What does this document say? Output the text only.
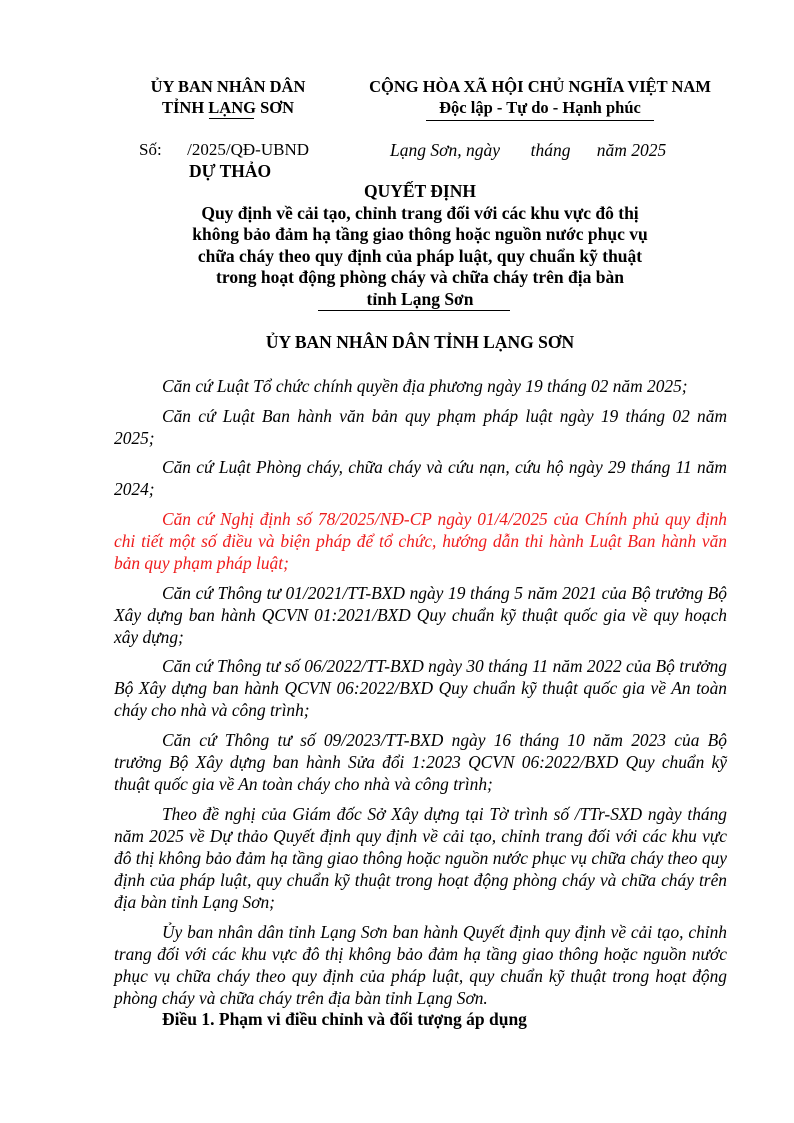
ỦY BAN NHÂN DÂN
TỈNH LẠNG SƠN
CỘNG HÒA XÃ HỘI CHỦ NGHĨA VIỆT NAM
Độc lập - Tự do - Hạnh phúc
Số:      /2025/QĐ-UBND	Lạng Sơn, ngày       tháng      năm 2025
DỰ THẢO
QUYẾT ĐỊNH
Quy định về cải tạo, chỉnh trang đối với các khu vực đô thị
không bảo đảm hạ tầng giao thông hoặc nguồn nước phục vụ
chữa cháy theo quy định của pháp luật, quy chuẩn kỹ thuật
trong hoạt động phòng cháy và chữa cháy trên địa bàn
tỉnh Lạng Sơn
ỦY BAN NHÂN DÂN TỈNH LẠNG SƠN

Căn cứ Luật Tổ chức chính quyền địa phương ngày 19 tháng 02 năm 2025;

Căn cứ Luật Ban hành văn bản quy phạm pháp luật ngày 19 tháng 02 năm 2025;

Căn cứ Luật Phòng cháy, chữa cháy và cứu nạn, cứu hộ ngày 29 tháng 11 năm 2024;

Căn cứ Nghị định số 78/2025/NĐ-CP ngày 01/4/2025 của Chính phủ quy định chi tiết một số điều và biện pháp để tổ chức, hướng dẫn thi hành Luật Ban hành văn bản quy phạm pháp luật;

Căn cứ Thông tư 01/2021/TT-BXD ngày 19 tháng 5 năm 2021 của Bộ trưởng Bộ Xây dựng ban hành QCVN 01:2021/BXD Quy chuẩn kỹ thuật quốc gia về quy hoạch xây dựng;

Căn cứ Thông tư số 06/2022/TT-BXD ngày 30 tháng 11 năm 2022 của Bộ trưởng Bộ Xây dựng ban hành QCVN 06:2022/BXD Quy chuẩn kỹ thuật quốc gia về An toàn cháy cho nhà và công trình;

Căn cứ Thông tư số 09/2023/TT-BXD ngày 16 tháng 10 năm 2023 của Bộ trưởng Bộ Xây dựng ban hành Sửa đổi 1:2023 QCVN 06:2022/BXD Quy chuẩn kỹ thuật quốc gia về An toàn cháy cho nhà và công trình;

Theo đề nghị của Giám đốc Sở Xây dựng tại Tờ trình số /TTr-SXD ngày tháng năm 2025 về Dự thảo Quyết định quy định về cải tạo, chỉnh trang đối với các khu vực đô thị không bảo đảm hạ tầng giao thông hoặc nguồn nước phục vụ chữa cháy theo quy định của pháp luật, quy chuẩn kỹ thuật trong hoạt động phòng cháy và chữa cháy trên địa bàn tỉnh Lạng Sơn;

Ủy ban nhân dân tỉnh Lạng Sơn ban hành Quyết định quy định về cải tạo, chỉnh trang đối với các khu vực đô thị không bảo đảm hạ tầng giao thông hoặc nguồn nước phục vụ chữa cháy theo quy định của pháp luật, quy chuẩn kỹ thuật trong hoạt động phòng cháy và chữa cháy trên địa bàn tỉnh Lạng Sơn.

Điều 1. Phạm vi điều chỉnh và đối tượng áp dụng
